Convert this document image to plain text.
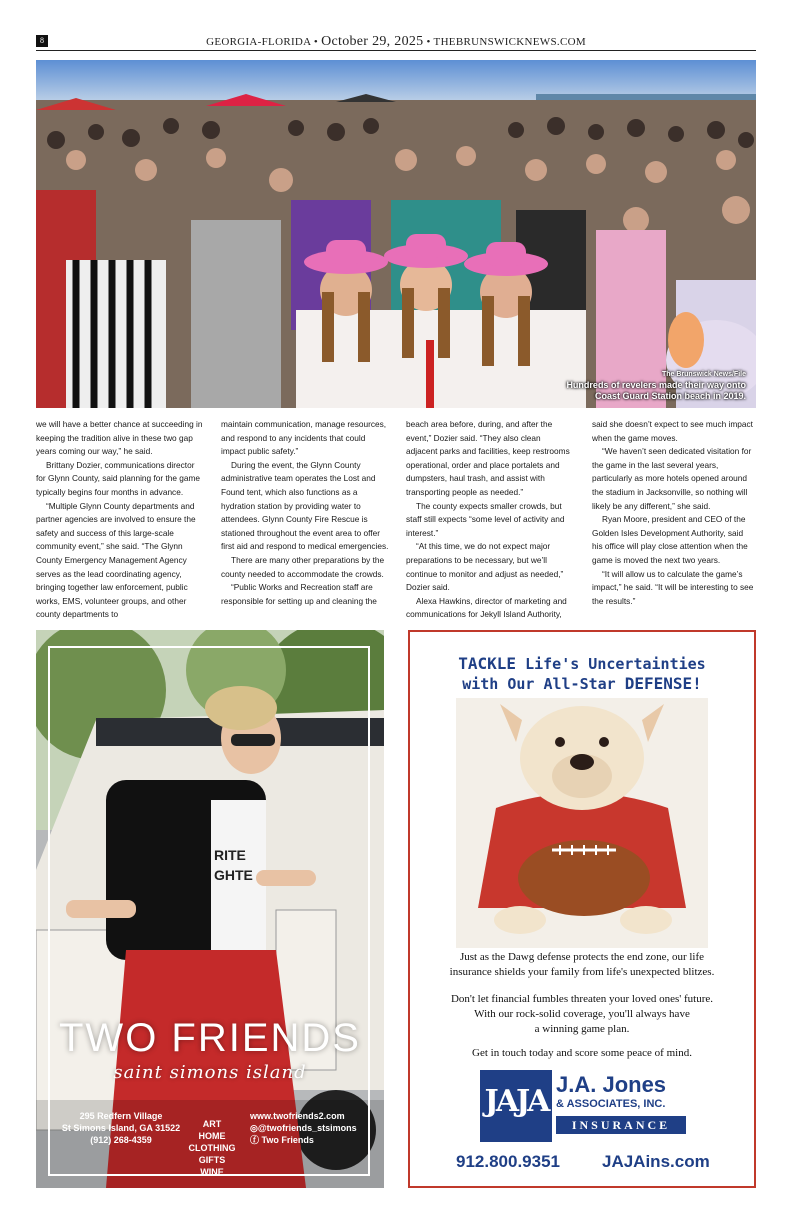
8	GEORGIA-FLORIDA • October 29, 2025 • THEBRUNSWICKNEWS.COM
The Brunswick News/File
Hundreds of revelers made their way onto
Coast Guard Station beach in 2019.

we will have a better chance at succeeding in keeping the tradition alive in these two gap years coming our way,” he said.

Brittany Dozier, communications director for Glynn County, said planning for the game typically begins four months in advance.

“Multiple Glynn County departments and partner agencies are involved to ensure the safety and success of this large-scale community event,” she said. “The Glynn County Emergency Management Agency serves as the lead coordinating agency, bringing together law enforcement, public works, EMS, volunteer groups, and other county departments to

maintain communication, manage resources, and respond to any incidents that could impact public safety.”

During the event, the Glynn County administrative team operates the Lost and Found tent, which also functions as a hydration station by providing water to attendees. Glynn County Fire Rescue is stationed throughout the event area to offer first aid and respond to medical emergencies.

There are many other preparations by the county needed to accommodate the crowds.

“Public Works and Recreation staff are responsible for setting up and cleaning the

beach area before, during, and after the event,” Dozier said. “They also clean adjacent parks and facilities, keep restrooms operational, order and place portalets and dumpsters, haul trash, and assist with transporting people as needed.”

The county expects smaller crowds, but staff still expects “some level of activity and interest.”

“At this time, we do not expect major preparations to be necessary, but we’ll continue to monitor and adjust as needed,” Dozier said.

Alexa Hawkins, director of marketing and communications for Jekyll Island Authority,

said she doesn’t expect to see much impact when the game moves.

“We haven’t seen dedicated visitation for the game in the last several years, particularly as more hotels opened around the stadium in Jacksonville, so nothing will likely be any different,” she said.

Ryan Moore, president and CEO of the Golden Isles Development Authority, said his office will play close attention when the game is moved the next two years.

“It will allow us to calculate the game’s impact,” he said. “It will be interesting to see the results.”

RITE
GHTE
TWO FRIENDS
saint simons island
295 Redfern Village
St Simons Island, GA 31522
(912) 268-4359
ART
HOME
CLOTHING
GIFTS
WINE
www.twofriends2.com
◎@twofriends_stsimons
ⓕ Two Friends
TACKLE Life's Uncertainties
with Our All-Star DEFENSE!
Just as the Dawg defense protects the end zone, our life
insurance shields your family from life's unexpected blitzes.
Don't let financial fumbles threaten your loved ones' future.
With our rock-solid coverage, you'll always have
a winning game plan.
Get in touch today and score some peace of mind.
JAJA J.A. Jones
& ASSOCIATES, INC.
INSURANCE
912.800.9351 JAJAins.com
